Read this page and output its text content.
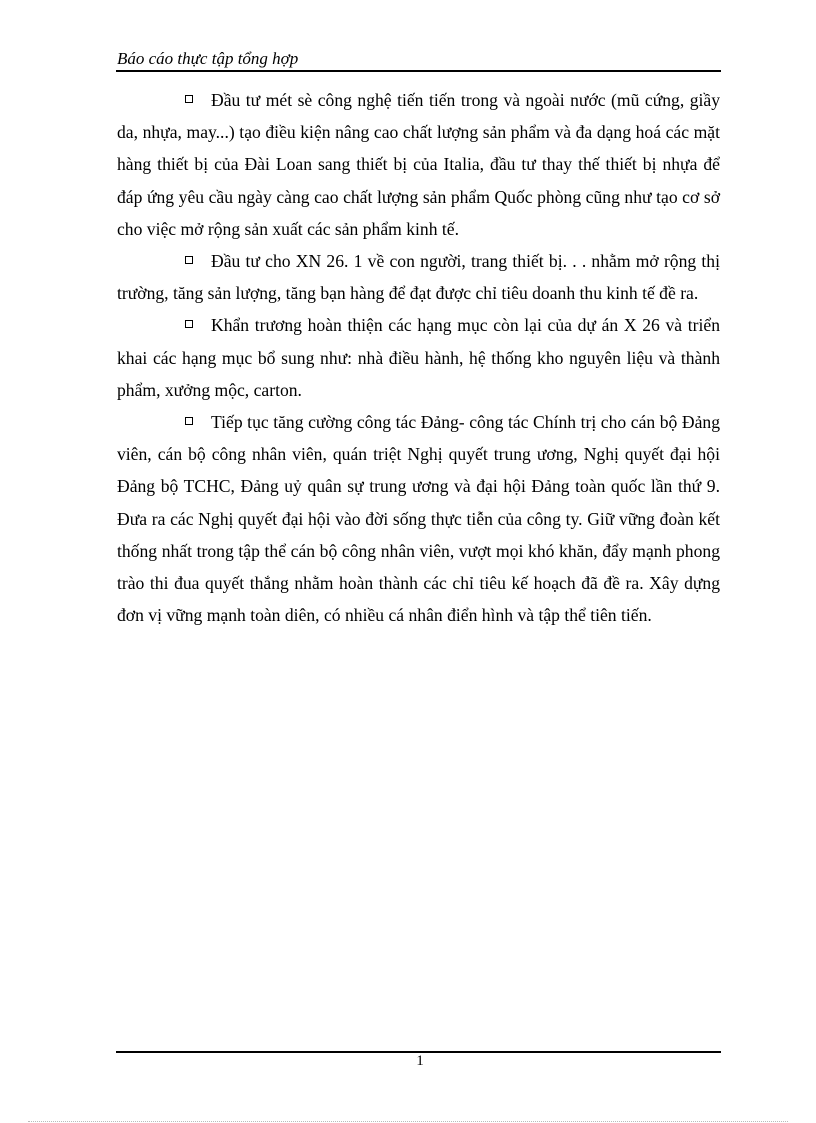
Báo cáo thực tập tổng hợp

Đầu tư mét sè công nghệ tiến tiến trong và ngoài nước (mũ cứng, giầy da, nhựa, may...) tạo điều kiện nâng cao chất lượng sản phẩm và đa dạng hoá các mặt hàng thiết bị của Đài Loan sang thiết bị của Italia, đầu tư thay thế thiết bị nhựa để đáp ứng yêu cầu ngày càng cao chất lượng sản phẩm Quốc phòng cũng như tạo cơ sở cho việc mở rộng sản xuất các sản phẩm kinh tế.

Đầu tư cho XN 26. 1 về con người, trang thiết bị. . . nhằm mở rộng thị trường, tăng sản lượng, tăng bạn hàng để đạt được chỉ tiêu doanh thu kinh tế đề ra.

Khẩn trương hoàn thiện các hạng mục còn lại của dự án X 26 và triển khai các hạng mục bổ sung như: nhà điều hành, hệ thống kho nguyên liệu và thành phẩm, xưởng mộc, carton.

Tiếp tục tăng cường công tác Đảng- công tác Chính trị cho cán bộ Đảng viên, cán bộ công nhân viên, quán triệt Nghị quyết trung ương, Nghị quyết đại hội Đảng bộ TCHC, Đảng uỷ quân sự trung ương và đại hội Đảng toàn quốc lần thứ 9. Đưa ra các Nghị quyết đại hội vào đời sống thực tiễn của công ty. Giữ vững đoàn kết thống nhất trong tập thể cán bộ công nhân viên, vượt mọi khó khăn, đẩy mạnh phong trào thi đua quyết thắng nhằm hoàn thành các chỉ tiêu kế hoạch đã đề ra. Xây dựng đơn vị vững mạnh toàn diên, có nhiều cá nhân điển hình và tập thể tiên tiến.

1
